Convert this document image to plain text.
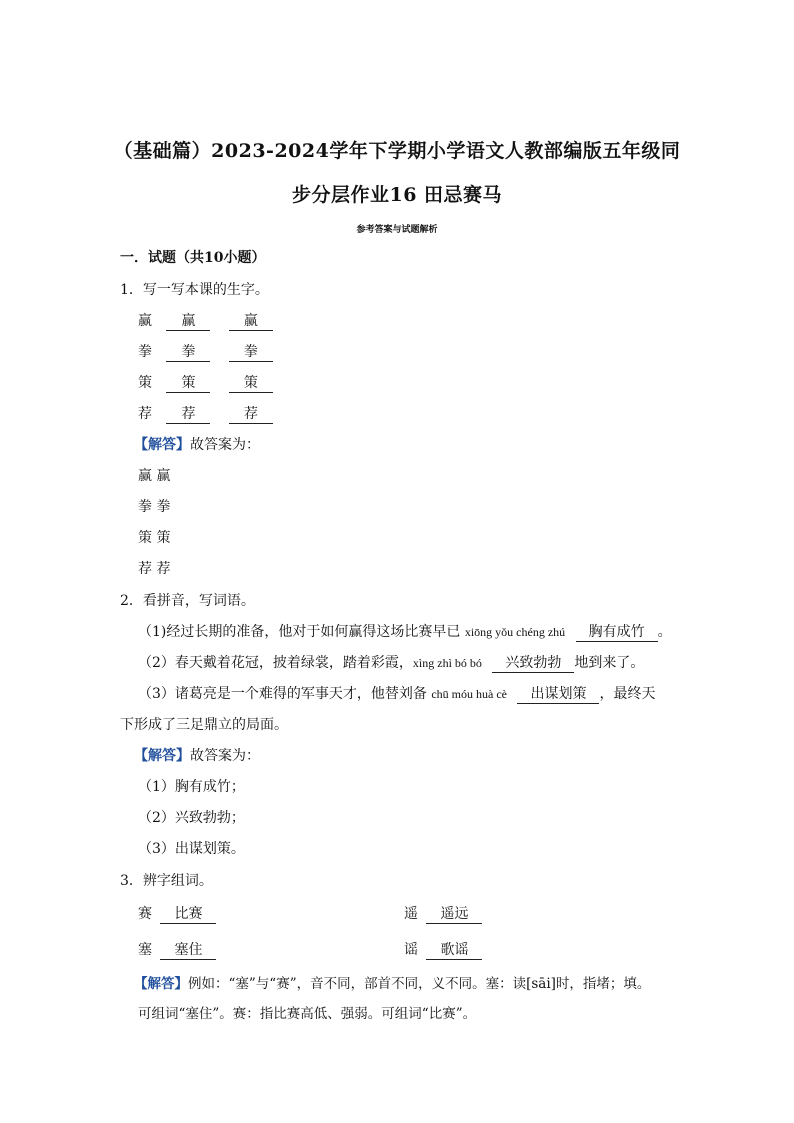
（基础篇）2023-2024学年下学期小学语文人教部编版五年级同
步分层作业16 田忌赛马
参考答案与试题解析
一．试题（共10小题）
1．写一写本课的生字。
赢 赢	赢
拳 拳	拳
策 策	策
荐 荐	荐
【解答】故答案为：
赢 赢
拳 拳
策 策
荐 荐
2．看拼音，写词语。
（1)经过长期的准备，他对于如何赢得这场比赛早已 xiōng yǒu chéng zhú 胸有成竹 。
（2）春天戴着花冠，披着绿裳，踏着彩霞，xìng zhì bó bó 兴致勃勃 地到来了。
（3）诸葛亮是一个难得的军事天才，他替刘备 chū móu huà cè 出谋划策 ，最终天
下形成了三足鼎立的局面。
【解答】故答案为：
（1）胸有成竹；
（2）兴致勃勃；
（3）出谋划策。
3．辨字组词。
赛 比赛	遥 遥远
塞 塞住	谣 歌谣
【解答】例如：“塞”与“赛”，音不同，部首不同，义不同。塞：读[sāi]时，指堵；填。
可组词“塞住”。赛：指比赛高低、强弱。可组词“比赛”。
